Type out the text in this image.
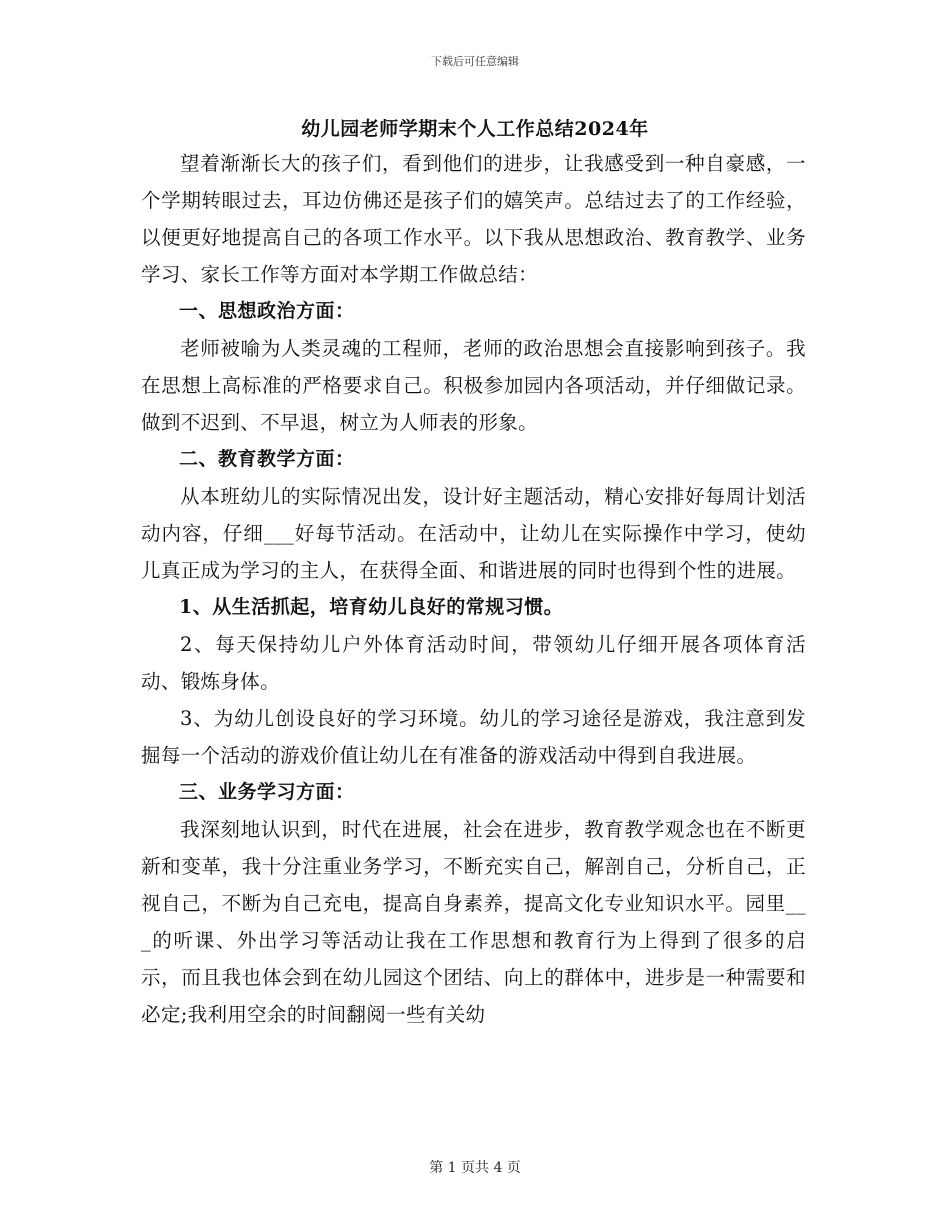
下载后可任意编辑
幼儿园老师学期末个人工作总结2024年

望着渐渐长大的孩子们，看到他们的进步，让我感受到一种自豪感，一个学期转眼过去，耳边仿佛还是孩子们的嬉笑声。总结过去了的工作经验，以便更好地提高自己的各项工作水平。以下我从思想政治、教育教学、业务学习、家长工作等方面对本学期工作做总结：

一、思想政治方面：

老师被喻为人类灵魂的工程师，老师的政治思想会直接影响到孩子。我在思想上高标准的严格要求自己。积极参加园内各项活动，并仔细做记录。做到不迟到、不早退，树立为人师表的形象。

二、教育教学方面：

从本班幼儿的实际情况出发，设计好主题活动，精心安排好每周计划活动内容，仔细___好每节活动。在活动中，让幼儿在实际操作中学习，使幼儿真正成为学习的主人，在获得全面、和谐进展的同时也得到个性的进展。

1、从生活抓起，培育幼儿良好的常规习惯。

2、每天保持幼儿户外体育活动时间，带领幼儿仔细开展各项体育活动、锻炼身体。

3、为幼儿创设良好的学习环境。幼儿的学习途径是游戏，我注意到发掘每一个活动的游戏价值让幼儿在有准备的游戏活动中得到自我进展。

三、业务学习方面：

我深刻地认识到，时代在进展，社会在进步，教育教学观念也在不断更新和变革，我十分注重业务学习，不断充实自己，解剖自己，分析自己，正视自己，不断为自己充电，提高自身素养，提高文化专业知识水平。园里___的听课、外出学习等活动让我在工作思想和教育行为上得到了很多的启示，而且我也体会到在幼儿园这个团结、向上的群体中，进步是一种需要和必定;我利用空余的时间翻阅一些有关幼

第 1 页共 4 页
